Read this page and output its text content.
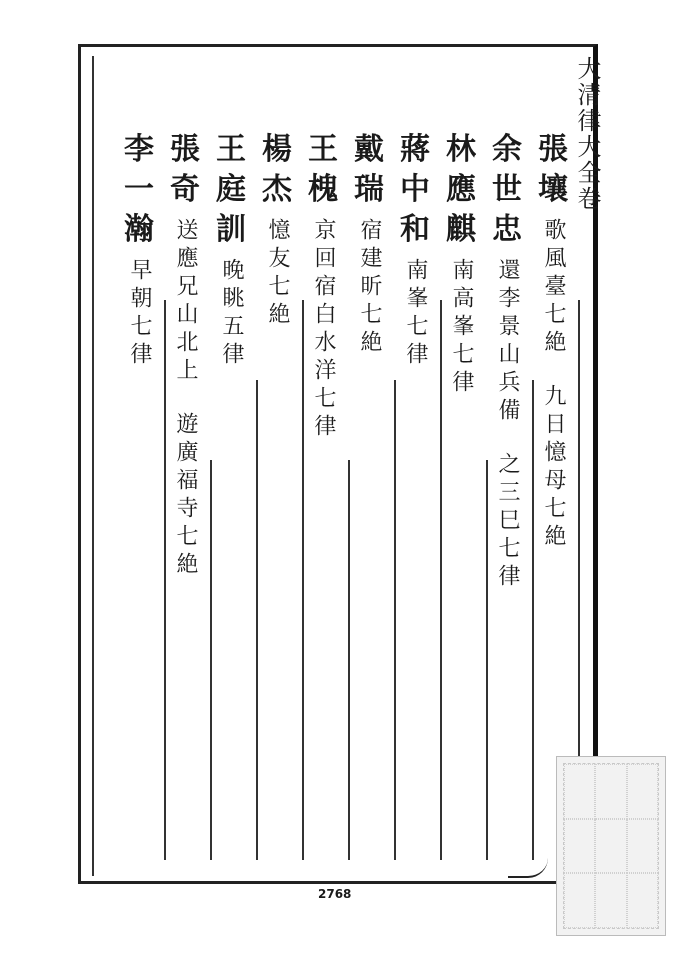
大清律大全卷
張
壤
歌風臺七絶
九日憶母七絶
余
世
忠
還李景山兵備
之三巳七律
林
應
麒
南高峯七律
蔣
中
和
南峯七律
戴
瑞
宿建昕七絶
王
槐
京回宿白水洋七律
楊
杰
憶友七絶
王
庭
訓
晚眺五律
張
奇
送應兄山北上
遊廣福寺七絶
李
一
瀚
早朝七律
2768
